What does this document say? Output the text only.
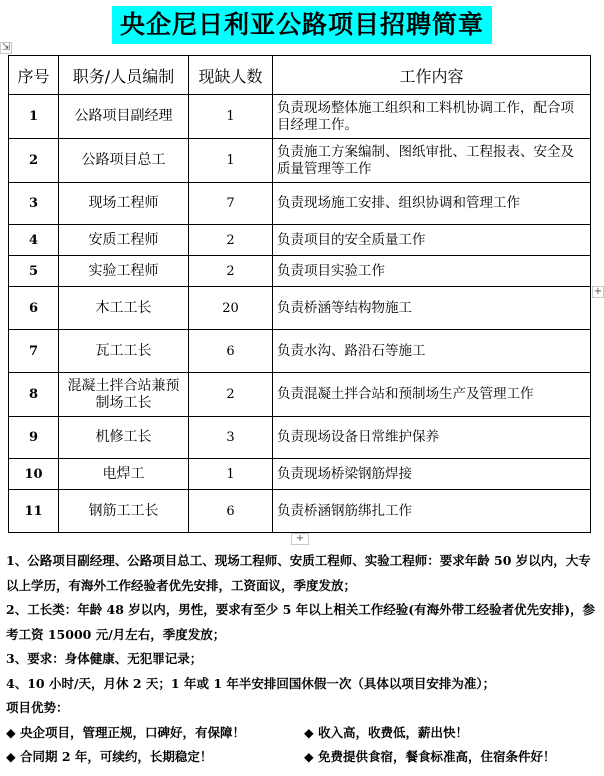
央企尼日利亚公路项目招聘简章
⇲
序号	职务/人员编制	现缺人数	工作内容
1	公路项目副经理	1	负责现场整体施工组织和工料机协调工作，配合项目经理工作。
2	公路项目总工	1	负责施工方案编制、图纸审批、工程报表、安全及质量管理等工作
3	现场工程师	7	负责现场施工安排、组织协调和管理工作
4	安质工程师	2	负责项目的安全质量工作
5	实验工程师	2	负责项目实验工作
6	木工工长	20	负责桥涵等结构物施工
7	瓦工工长	6	负责水沟、路沿石等施工
8	混凝土拌合站兼预制场工长	2	负责混凝土拌合站和预制场生产及管理工作
9	机修工长	3	负责现场设备日常维护保养
10	电焊工	1	负责现场桥梁钢筋焊接
11	钢筋工工长	6	负责桥涵钢筋绑扎工作
+
+

1、公路项目副经理、公路项目总工、现场工程师、安质工程师、实验工程师：要求年龄 50 岁以内，大专以上学历，有海外工作经验者优先安排，工资面议，季度发放；

2、工长类：年龄 48 岁以内，男性，要求有至少 5 年以上相关工作经验(有海外带工经验者优先安排)，参考工资 15000 元/月左右，季度发放；

3、要求：身体健康、无犯罪记录；

4、10 小时/天，月休 2 天；1 年或 1 年半安排回国休假一次（具体以项目安排为准）；

项目优势：

◆ 央企项目，管理正规，口碑好，有保障！	◆ 收入高，收费低，薪出快！
◆ 合同期 2 年，可续约，长期稳定！	◆ 免费提供食宿，餐食标准高，住宿条件好！
